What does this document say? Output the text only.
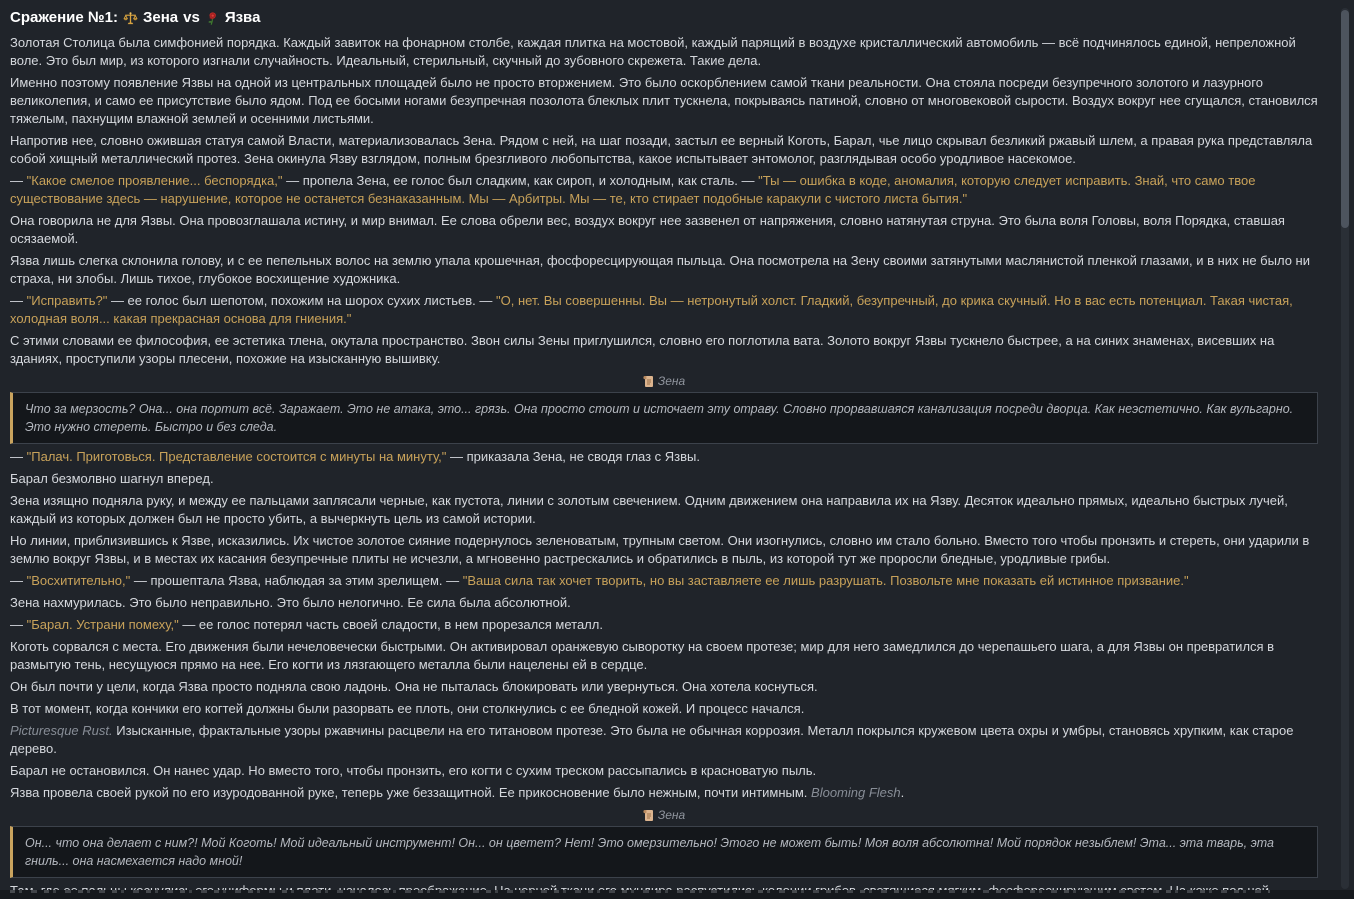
Сражение №1: Зена vs Язва

Золотая Столица была симфонией порядка. Каждый завиток на фонарном столбе, каждая плитка на мостовой, каждый парящий в воздухе кристаллический автомобиль — всё подчинялось единой, непреложной воле. Это был мир, из которого изгнали случайность. Идеальный, стерильный, скучный до зубовного скрежета. Такие дела.

Именно поэтому появление Язвы на одной из центральных площадей было не просто вторжением. Это было оскорблением самой ткани реальности. Она стояла посреди безупречного золотого и лазурного великолепия, и само ее присутствие было ядом. Под ее босыми ногами безупречная позолота блеклых плит тускнела, покрываясь патиной, словно от многовековой сырости. Воздух вокруг нее сгущался, становился тяжелым, пахнущим влажной землей и осенними листьями.

Напротив нее, словно ожившая статуя самой Власти, материализовалась Зена. Рядом с ней, на шаг позади, застыл ее верный Коготь, Барал, чье лицо скрывал безликий ржавый шлем, а правая рука представляла собой хищный металлический протез. Зена окинула Язву взглядом, полным брезгливого любопытства, какое испытывает энтомолог, разглядывая особо уродливое насекомое.

— "Какое смелое проявление... беспорядка," — пропела Зена, ее голос был сладким, как сироп, и холодным, как сталь. — "Ты — ошибка в коде, аномалия, которую следует исправить. Знай, что само твое существование здесь — нарушение, которое не останется безнаказанным. Мы — Арбитры. Мы — те, кто стирает подобные каракули с чистого листа бытия."

Она говорила не для Язвы. Она провозглашала истину, и мир внимал. Ее слова обрели вес, воздух вокруг нее зазвенел от напряжения, словно натянутая струна. Это была воля Головы, воля Порядка, ставшая осязаемой.

Язва лишь слегка склонила голову, и с ее пепельных волос на землю упала крошечная, фосфоресцирующая пыльца. Она посмотрела на Зену своими затянутыми маслянистой пленкой глазами, и в них не было ни страха, ни злобы. Лишь тихое, глубокое восхищение художника.

— "Исправить?" — ее голос был шепотом, похожим на шорох сухих листьев. — "О, нет. Вы совершенны. Вы — нетронутый холст. Гладкий, безупречный, до крика скучный. Но в вас есть потенциал. Такая чистая, холодная воля... какая прекрасная основа для гниения."

С этими словами ее философия, ее эстетика тлена, окутала пространство. Звон силы Зены приглушился, словно его поглотила вата. Золото вокруг Язвы тускнело быстрее, а на синих знаменах, висевших на зданиях, проступили узоры плесени, похожие на изысканную вышивку.

Зена
Что за мерзость? Она... она портит всё. Заражает. Это не атака, это... грязь. Она просто стоит и источает эту отраву. Словно прорвавшаяся канализация посреди дворца. Как неэстетично. Как вульгарно. Это нужно стереть. Быстро и без следа.

— "Палач. Приготовься. Представление состоится с минуты на минуту," — приказала Зена, не сводя глаз с Язвы.

Барал безмолвно шагнул вперед.

Зена изящно подняла руку, и между ее пальцами заплясали черные, как пустота, линии с золотым свечением. Одним движением она направила их на Язву. Десяток идеально прямых, идеально быстрых лучей, каждый из которых должен был не просто убить, а вычеркнуть цель из самой истории.

Но линии, приблизившись к Язве, исказились. Их чистое золотое сияние подернулось зеленоватым, трупным светом. Они изогнулись, словно им стало больно. Вместо того чтобы пронзить и стереть, они ударили в землю вокруг Язвы, и в местах их касания безупречные плиты не исчезли, а мгновенно растрескались и обратились в пыль, из которой тут же проросли бледные, уродливые грибы.

— "Восхитительно," — прошептала Язва, наблюдая за этим зрелищем. — "Ваша сила так хочет творить, но вы заставляете ее лишь разрушать. Позвольте мне показать ей истинное призвание."

Зена нахмурилась. Это было неправильно. Это было нелогично. Ее сила была абсолютной.

— "Барал. Устрани помеху," — ее голос потерял часть своей сладости, в нем прорезался металл.

Коготь сорвался с места. Его движения были нечеловечески быстрыми. Он активировал оранжевую сыворотку на своем протезе; мир для него замедлился до черепашьего шага, а для Язвы он превратился в размытую тень, несущуюся прямо на нее. Его когти из лязгающего металла были нацелены ей в сердце.

Он был почти у цели, когда Язва просто подняла свою ладонь. Она не пыталась блокировать или увернуться. Она хотела коснуться.

В тот момент, когда кончики его когтей должны были разорвать ее плоть, они столкнулись с ее бледной кожей. И процесс начался.

Picturesque Rust. Изысканные, фрактальные узоры ржавчины расцвели на его титановом протезе. Это была не обычная коррозия. Металл покрылся кружевом цвета охры и умбры, становясь хрупким, как старое дерево.

Барал не остановился. Он нанес удар. Но вместо того, чтобы пронзить, его когти с сухим треском рассыпались в красноватую пыль.

Язва провела своей рукой по его изуродованной руке, теперь уже беззащитной. Ее прикосновение было нежным, почти интимным. Blooming Flesh.

Зена
Он... что она делает с ним?! Мой Коготь! Мой идеальный инструмент! Он... он цветет? Нет! Это омерзительно! Этого не может быть! Моя воля абсолютна! Мой порядок незыблем! Эта... эта тварь, эта гниль... она насмехается надо мной!
